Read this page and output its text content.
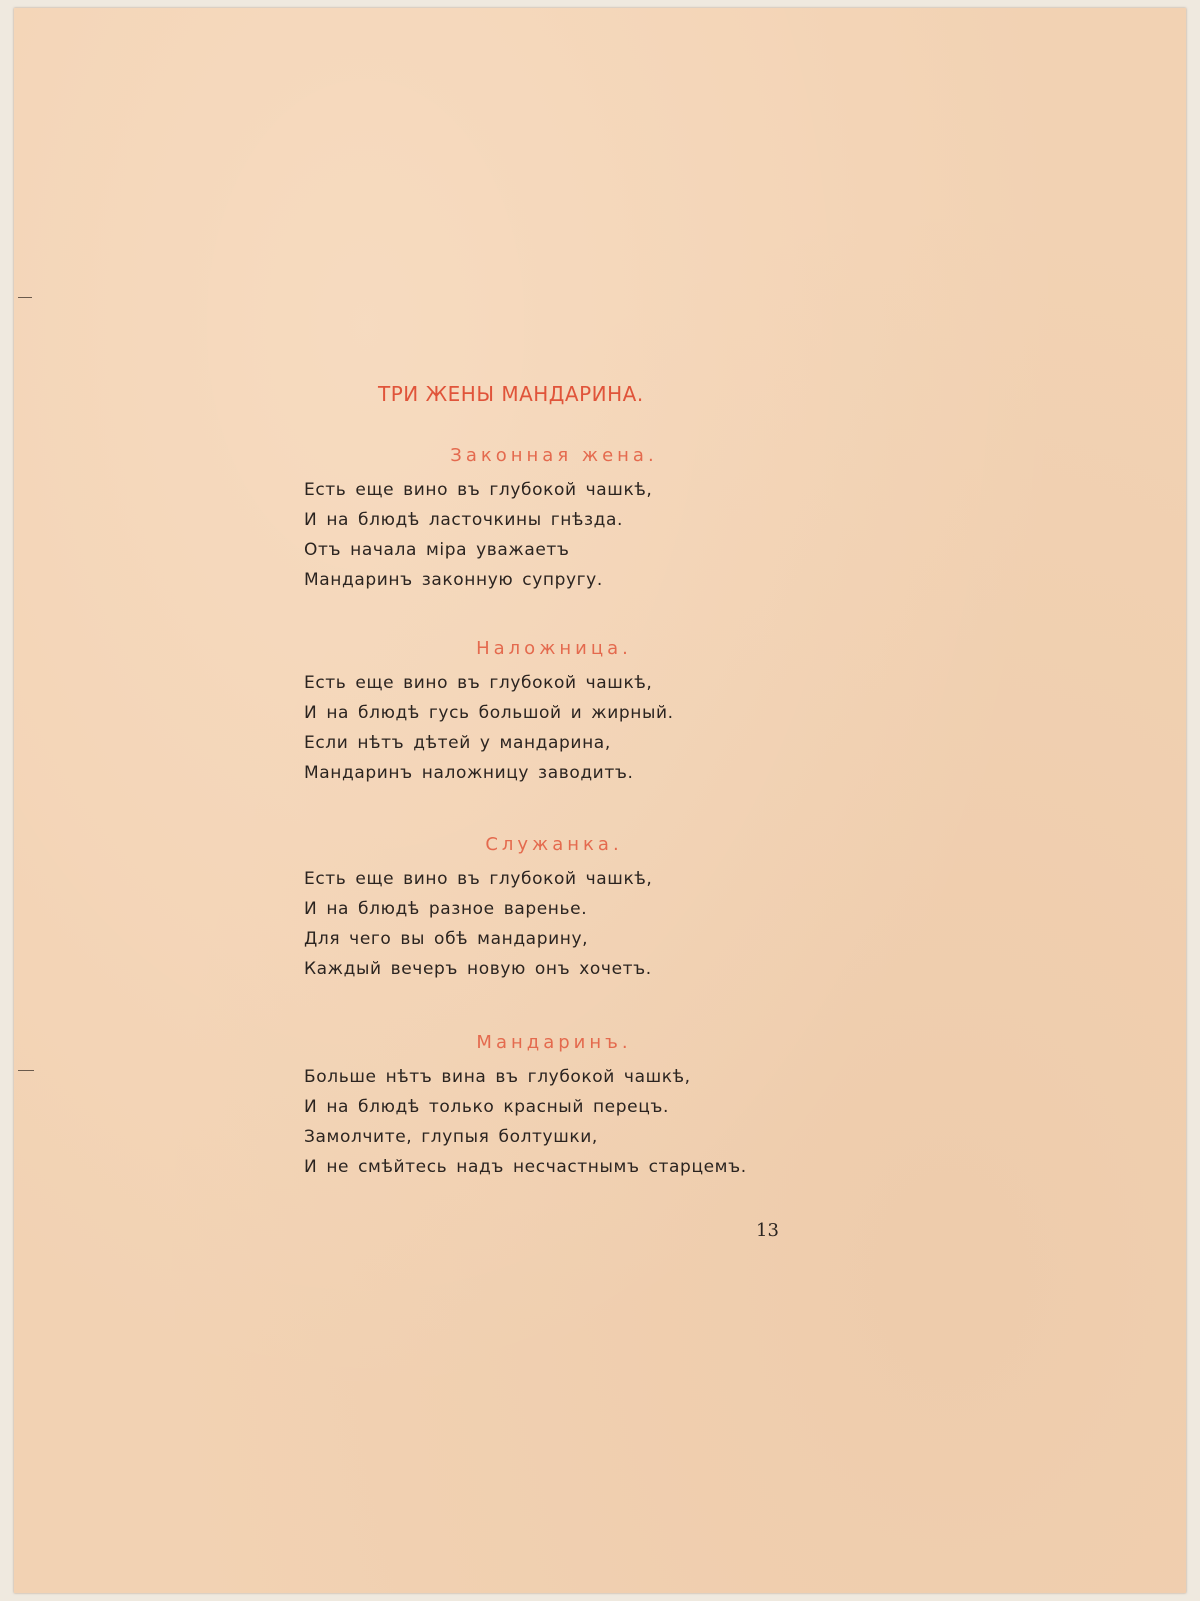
ТРИ ЖЕНЫ МАНДАРИНА.
Законная жена.
Есть еще вино въ глубокой чашкѣ,
И на блюдѣ ласточкины гнѣзда.
Отъ начала міра уважаетъ
Мандаринъ законную супругу.
Наложница.
Есть еще вино въ глубокой чашкѣ,
И на блюдѣ гусь большой и жирный.
Если нѣтъ дѣтей у мандарина,
Мандаринъ наложницу заводитъ.
Служанка.
Есть еще вино въ глубокой чашкѣ,
И на блюдѣ разное варенье.
Для чего вы обѣ мандарину,
Каждый вечеръ новую онъ хочетъ.
Мандаринъ.
Больше нѣтъ вина въ глубокой чашкѣ,
И на блюдѣ только красный перецъ.
Замолчите, глупыя болтушки,
И не смѣйтесь надъ несчастнымъ старцемъ.
13
